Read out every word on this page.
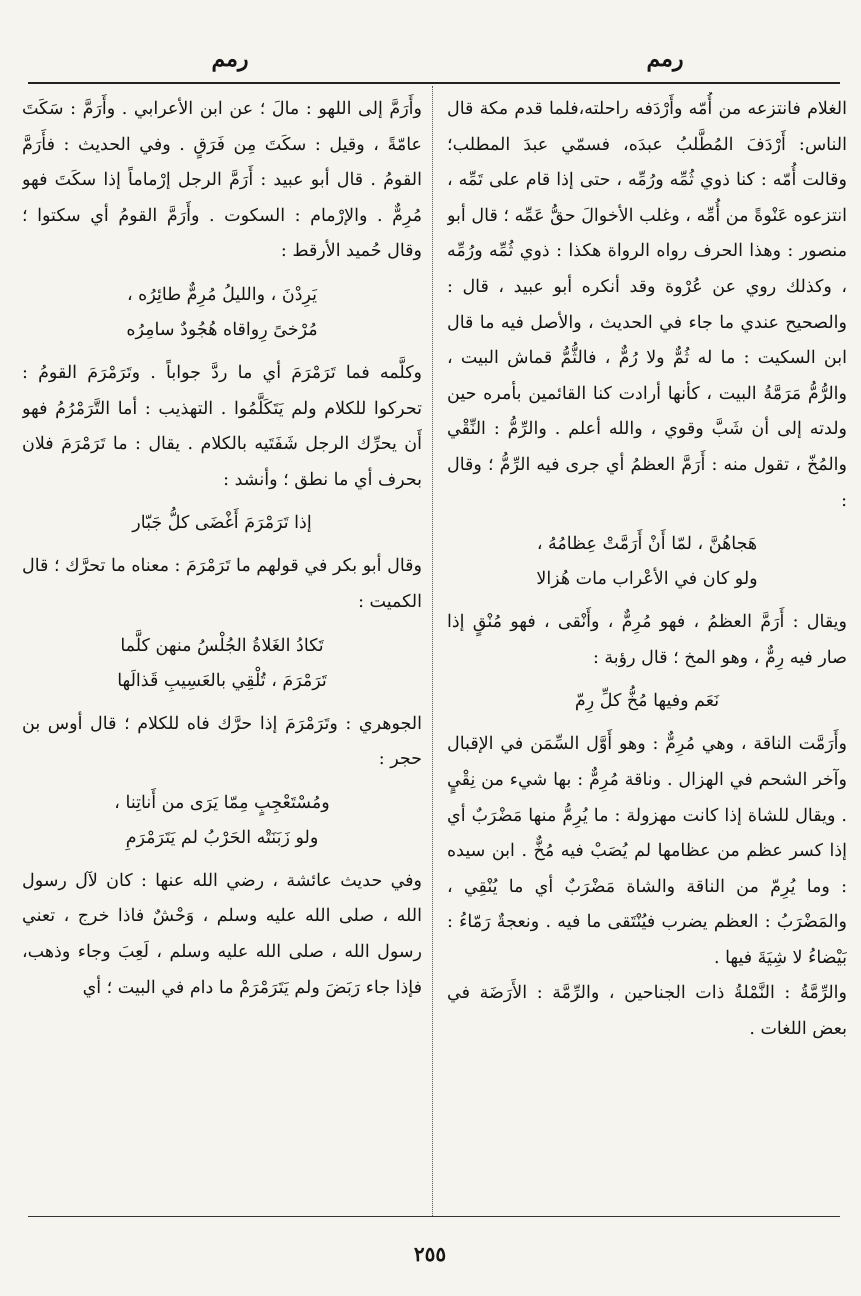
رمم
رمم

الغلام فانتزعه من أُمّه وأَرْدَفه راحلته،فلما قدم مكة قال الناس: أَرْدَفَ المُطَّلبُ عبدَه، فسمّي عبدَ المطلب؛ وقالت أُمّه : كنا ذوي ثُمِّه ورُمِّه ، حتى إذا قام على تَمِّه ، انتزعوه عَنْوةً من أُمِّه ، وغلب الأخوالَ حقُّ عَمِّه ؛ قال أبو منصور : وهذا الحرف رواه الرواة هكذا : ذوي ثُمِّه ورُمِّه ، وكذلك روي عن عُرْوة وقد أنكره أبو عبيد ، قال : والصحيح عندي ما جاء في الحديث ، والأصل فيه ما قال ابن السكيت : ما له ثُمٌّ ولا رُمٌّ ، فالثُّمُّ قماش البيت ، والرُّمُّ مَرَمَّةُ البيت ، كأنها أرادت كنا القائمين بأمره حين ولدته إلى أن شَبَّ وقوي ، والله أعلم . والرِّمُّ : النِّقْي والمُخّ ، تقول منه : أَرَمَّ العظمُ أي جرى فيه الرِّمُّ ؛ وقال :

هَجاهُنَّ ، لمّا أَنْ أَرَمَّتْ عِظامُهُ ،
ولو كان في الأعْراب مات هُزالا

ويقال : أَرَمَّ العظمُ ، فهو مُرِمٌّ ، وأَنْقى ، فهو مُنْقٍ إذا صار فيه رِمٌّ ، وهو المخ ؛ قال رؤبة :

نَعَم وفيها مُخُّ كلِّ رِمّ

وأَرَمَّت الناقة ، وهي مُرِمٌّ : وهو أَوَّل السِّمَن في الإقبال وآخر الشحم في الهزال . وناقة مُرِمٌّ : بها شيء من نِقْيٍ . ويقال للشاة إذا كانت مهزولة : ما يُرِمُّ منها مَضْرَبٌ أي إذا كسر عظم من عظامها لم يُصَبْ فيه مُخٌّ . ابن سيده : وما يُرِمّ من الناقة والشاة مَضْرَبٌ أي ما يُنْقِي ، والمَضْرَبُ : العظم يضرب فيُنْتَقى ما فيه . ونعجةٌ رَمّاءُ : بَيْضاءُ لا شِيَةَ فيها .

والرِّمَّةُ : النَّمْلةُ ذات الجناحين ، والرِّمَّة : الأَرَضَة في بعض اللغات .

وأَرَمَّ إلى اللهو : مالَ ؛ عن ابن الأعرابي . وأَرَمَّ : سَكَتَ عامّةً ، وقيل : سكَتَ مِن فَرَقٍ . وفي الحديث : فأَرَمَّ القومُ . قال أبو عبيد : أَرَمَّ الرجل إرْماماً إذا سكَتَ فهو مُرِمٌّ . والإرْمام : السكوت . وأَرَمَّ القومُ أي سكتوا ؛ وقال حُميد الأرقط :

يَرِدْنَ ، والليلُ مُرِمٌّ طائِرُه ،
مُرْخىً رِواقاه هُجُودٌ سامِرُه

وكلَّمه فما تَرَمْرَمَ أي ما ردَّ جواباً . وتَرَمْرَمَ القومُ : تحركوا للكلام ولم يَتَكَلَّمُوا . التهذيب : أما التَّرَمْرُمُ فهو أَن يحرِّك الرجل شَفَتَيه بالكلام . يقال : ما تَرَمْرَمَ فلان بحرف أي ما نطق ؛ وأنشد :

إذا تَرَمْرَمَ أَغْضَى كلُّ جَبّار

وقال أبو بكر في قولهم ما تَرَمْرَمَ : معناه ما تحرَّك ؛ قال الكميت :

تَكادُ الغَلاةُ الجُلْسُ منهن كلَّما
تَرَمْرَمَ ، تُلْقِي بالعَسِيبِ قَذالَها

الجوهري : وتَرَمْرَمَ إذا حرَّك فاه للكلام ؛ قال أوس بن حجر :

ومُسْتَعْجِبٍ مِمّا يَرَى من أَناتِنا ،
ولو زَبَنَتْه الحَرْبُ لم يَتَرَمْرَمِ

وفي حديث عائشة ، رضي الله عنها : كان لآل رسول الله ، صلى الله عليه وسلم ، وَحْشٌ فاذا خرج ، تعني رسول الله ، صلى الله عليه وسلم ، لَعِبَ وجاء وذهب، فإذا جاء رَبَضَ ولم يَتَرَمْرَمْ ما دام في البيت ؛ أي

٢٥٥
